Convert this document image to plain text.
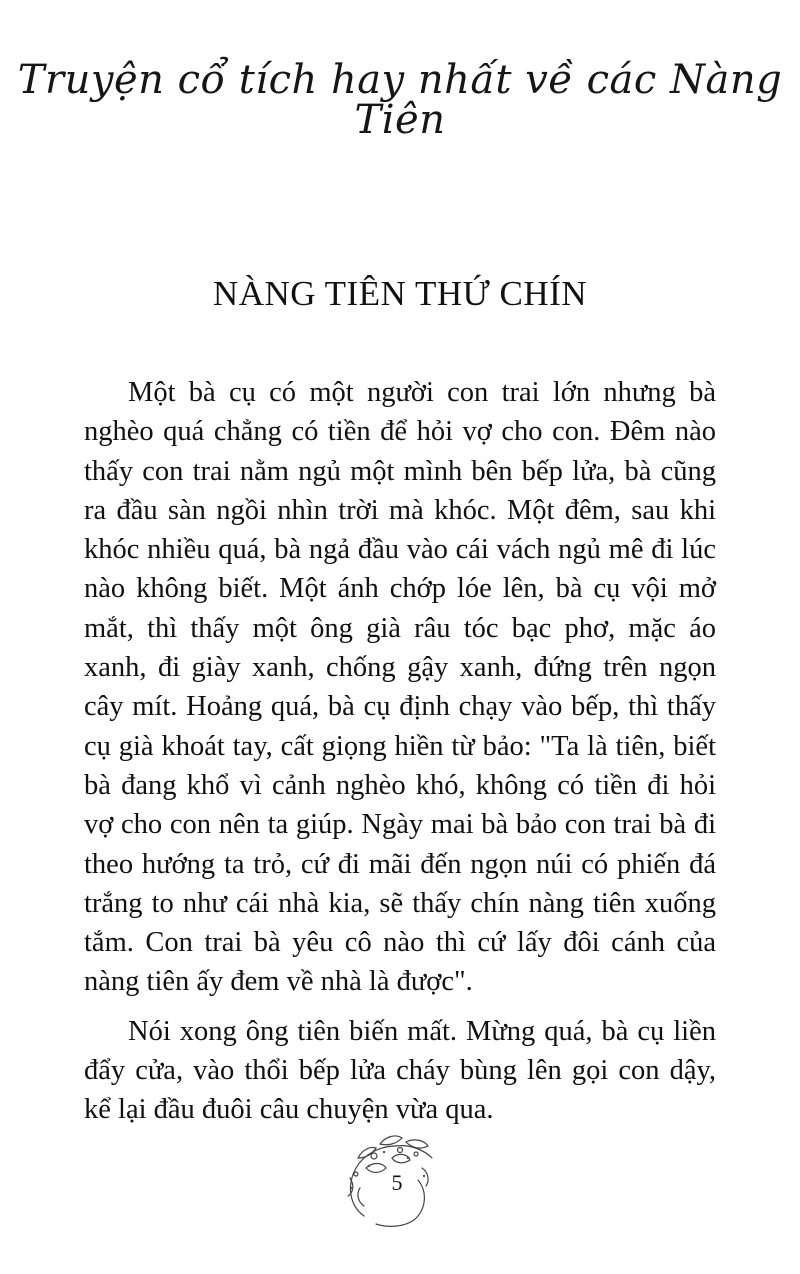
Truyện cổ tích hay nhất về các Nàng Tiên
NÀNG TIÊN THỨ CHÍN

Một bà cụ có một người con trai lớn nhưng bà nghèo quá chẳng có tiền để hỏi vợ cho con. Đêm nào thấy con trai nằm ngủ một mình bên bếp lửa, bà cũng ra đầu sàn ngồi nhìn trời mà khóc. Một đêm, sau khi khóc nhiều quá, bà ngả đầu vào cái vách ngủ mê đi lúc nào không biết. Một ánh chớp lóe lên, bà cụ vội mở mắt, thì thấy một ông già râu tóc bạc phơ, mặc áo xanh, đi giày xanh, chống gậy xanh, đứng trên ngọn cây mít. Hoảng quá, bà cụ định chạy vào bếp, thì thấy cụ già khoát tay, cất giọng hiền từ bảo: "Ta là tiên, biết bà đang khổ vì cảnh nghèo khó, không có tiền đi hỏi vợ cho con nên ta giúp. Ngày mai bà bảo con trai bà đi theo hướng ta trỏ, cứ đi mãi đến ngọn núi có phiến đá trắng to như cái nhà kia, sẽ thấy chín nàng tiên xuống tắm. Con trai bà yêu cô nào thì cứ lấy đôi cánh của nàng tiên ấy đem về nhà là được".

Nói xong ông tiên biến mất. Mừng quá, bà cụ liền đẩy cửa, vào thổi bếp lửa cháy bùng lên gọi con dậy, kể lại đầu đuôi câu chuyện vừa qua.

5
